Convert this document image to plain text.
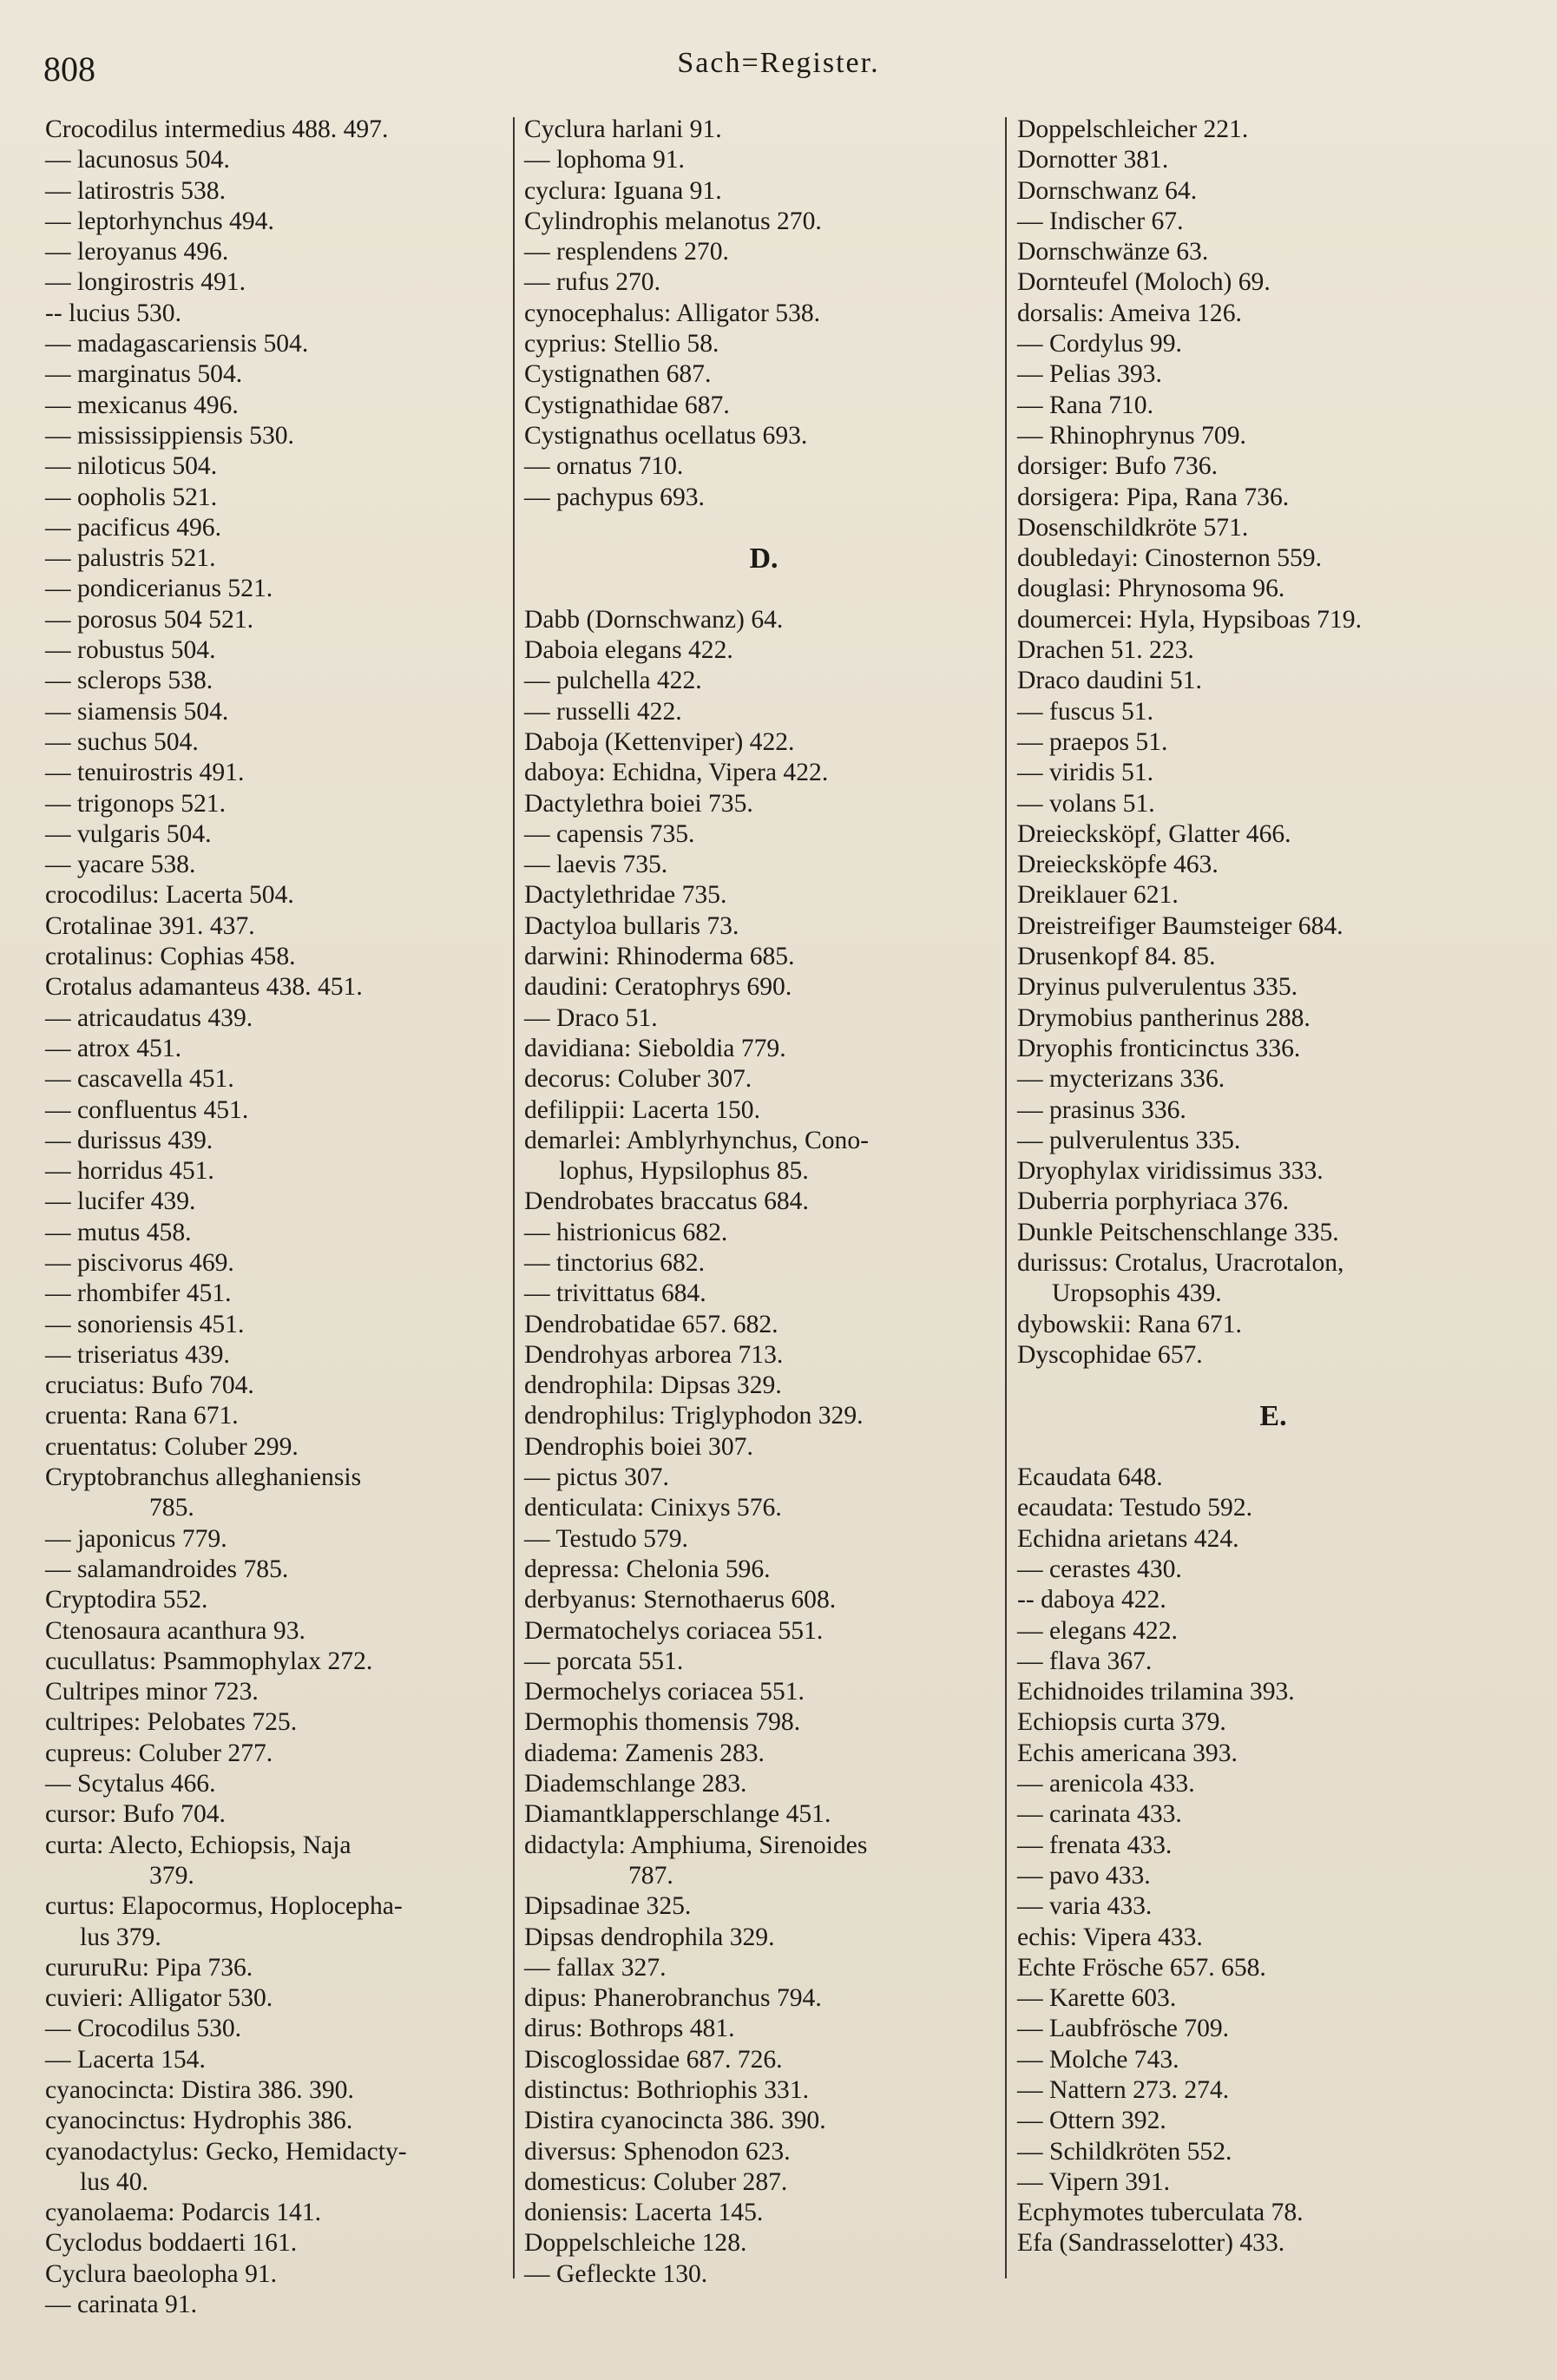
808	Sach=Register.
Crocodilus intermedius 488. 497.
— lacunosus 504.
— latirostris 538.
— leptorhynchus 494.
— leroyanus 496.
— longirostris 491.
-- lucius 530.
— madagascariensis 504.
— marginatus 504.
— mexicanus 496.
— mississippiensis 530.
— niloticus 504.
— oopholis 521.
— pacificus 496.
— palustris 521.
— pondicerianus 521.
— porosus 504 521.
— robustus 504.
— sclerops 538.
— siamensis 504.
— suchus 504.
— tenuirostris 491.
— trigonops 521.
— vulgaris 504.
— yacare 538.
crocodilus: Lacerta 504.
Crotalinae 391. 437.
crotalinus: Cophias 458.
Crotalus adamanteus 438. 451.
— atricaudatus 439.
— atrox 451.
— cascavella 451.
— confluentus 451.
— durissus 439.
— horridus 451.
— lucifer 439.
— mutus 458.
— piscivorus 469.
— rhombifer 451.
— sonoriensis 451.
— triseriatus 439.
cruciatus: Bufo 704.
cruenta: Rana 671.
cruentatus: Coluber 299.
Cryptobranchus alleghaniensis
785.
— japonicus 779.
— salamandroides 785.
Cryptodira 552.
Ctenosaura acanthura 93.
cucullatus: Psammophylax 272.
Cultripes minor 723.
cultripes: Pelobates 725.
cupreus: Coluber 277.
— Scytalus 466.
cursor: Bufo 704.
curta: Alecto, Echiopsis, Naja
379.
curtus: Elapocormus, Hoplocepha-
lus 379.
cururuRu: Pipa 736.
cuvieri: Alligator 530.
— Crocodilus 530.
— Lacerta 154.
cyanocincta: Distira 386. 390.
cyanocinctus: Hydrophis 386.
cyanodactylus: Gecko, Hemidacty-
lus 40.
cyanolaema: Podarcis 141.
Cyclodus boddaerti 161.
Cyclura baeolopha 91.
— carinata 91.
Cyclura harlani 91.
— lophoma 91.
cyclura: Iguana 91.
Cylindrophis melanotus 270.
— resplendens 270.
— rufus 270.
cynocephalus: Alligator 538.
cyprius: Stellio 58.
Cystignathen 687.
Cystignathidae 687.
Cystignathus ocellatus 693.
— ornatus 710.
— pachypus 693.
D.
Dabb (Dornschwanz) 64.
Daboia elegans 422.
— pulchella 422.
— russelli 422.
Daboja (Kettenviper) 422.
daboya: Echidna, Vipera 422.
Dactylethra boiei 735.
— capensis 735.
— laevis 735.
Dactylethridae 735.
Dactyloa bullaris 73.
darwini: Rhinoderma 685.
daudini: Ceratophrys 690.
— Draco 51.
davidiana: Sieboldia 779.
decorus: Coluber 307.
defilippii: Lacerta 150.
demarlei: Amblyrhynchus, Cono-
lophus, Hypsilophus 85.
Dendrobates braccatus 684.
— histrionicus 682.
— tinctorius 682.
— trivittatus 684.
Dendrobatidae 657. 682.
Dendrohyas arborea 713.
dendrophila: Dipsas 329.
dendrophilus: Triglyphodon 329.
Dendrophis boiei 307.
— pictus 307.
denticulata: Cinixys 576.
— Testudo 579.
depressa: Chelonia 596.
derbyanus: Sternothaerus 608.
Dermatochelys coriacea 551.
— porcata 551.
Dermochelys coriacea 551.
Dermophis thomensis 798.
diadema: Zamenis 283.
Diademschlange 283.
Diamantklapperschlange 451.
didactyla: Amphiuma, Sirenoides
787.
Dipsadinae 325.
Dipsas dendrophila 329.
— fallax 327.
dipus: Phanerobranchus 794.
dirus: Bothrops 481.
Discoglossidae 687. 726.
distinctus: Bothriophis 331.
Distira cyanocincta 386. 390.
diversus: Sphenodon 623.
domesticus: Coluber 287.
doniensis: Lacerta 145.
Doppelschleiche 128.
— Gefleckte 130.
Doppelschleicher 221.
Dornotter 381.
Dornschwanz 64.
— Indischer 67.
Dornschwänze 63.
Dornteufel (Moloch) 69.
dorsalis: Ameiva 126.
— Cordylus 99.
— Pelias 393.
— Rana 710.
— Rhinophrynus 709.
dorsiger: Bufo 736.
dorsigera: Pipa, Rana 736.
Dosenschildkröte 571.
doubledayi: Cinosternon 559.
douglasi: Phrynosoma 96.
doumercei: Hyla, Hypsiboas 719.
Drachen 51. 223.
Draco daudini 51.
— fuscus 51.
— praepos 51.
— viridis 51.
— volans 51.
Dreiecksköpf, Glatter 466.
Dreiecksköpfe 463.
Dreiklauer 621.
Dreistreifiger Baumsteiger 684.
Drusenkopf 84. 85.
Dryinus pulverulentus 335.
Drymobius pantherinus 288.
Dryophis fronticinctus 336.
— mycterizans 336.
— prasinus 336.
— pulverulentus 335.
Dryophylax viridissimus 333.
Duberria porphyriaca 376.
Dunkle Peitschenschlange 335.
durissus: Crotalus, Uracrotalon,
Uropsophis 439.
dybowskii: Rana 671.
Dyscophidae 657.
E.
Ecaudata 648.
ecaudata: Testudo 592.
Echidna arietans 424.
— cerastes 430.
-- daboya 422.
— elegans 422.
— flava 367.
Echidnoides trilamina 393.
Echiopsis curta 379.
Echis americana 393.
— arenicola 433.
— carinata 433.
— frenata 433.
— pavo 433.
— varia 433.
echis: Vipera 433.
Echte Frösche 657. 658.
— Karette 603.
— Laubfrösche 709.
— Molche 743.
— Nattern 273. 274.
— Ottern 392.
— Schildkröten 552.
— Vipern 391.
Ecphymotes tuberculata 78.
Efa (Sandrasselotter) 433.
